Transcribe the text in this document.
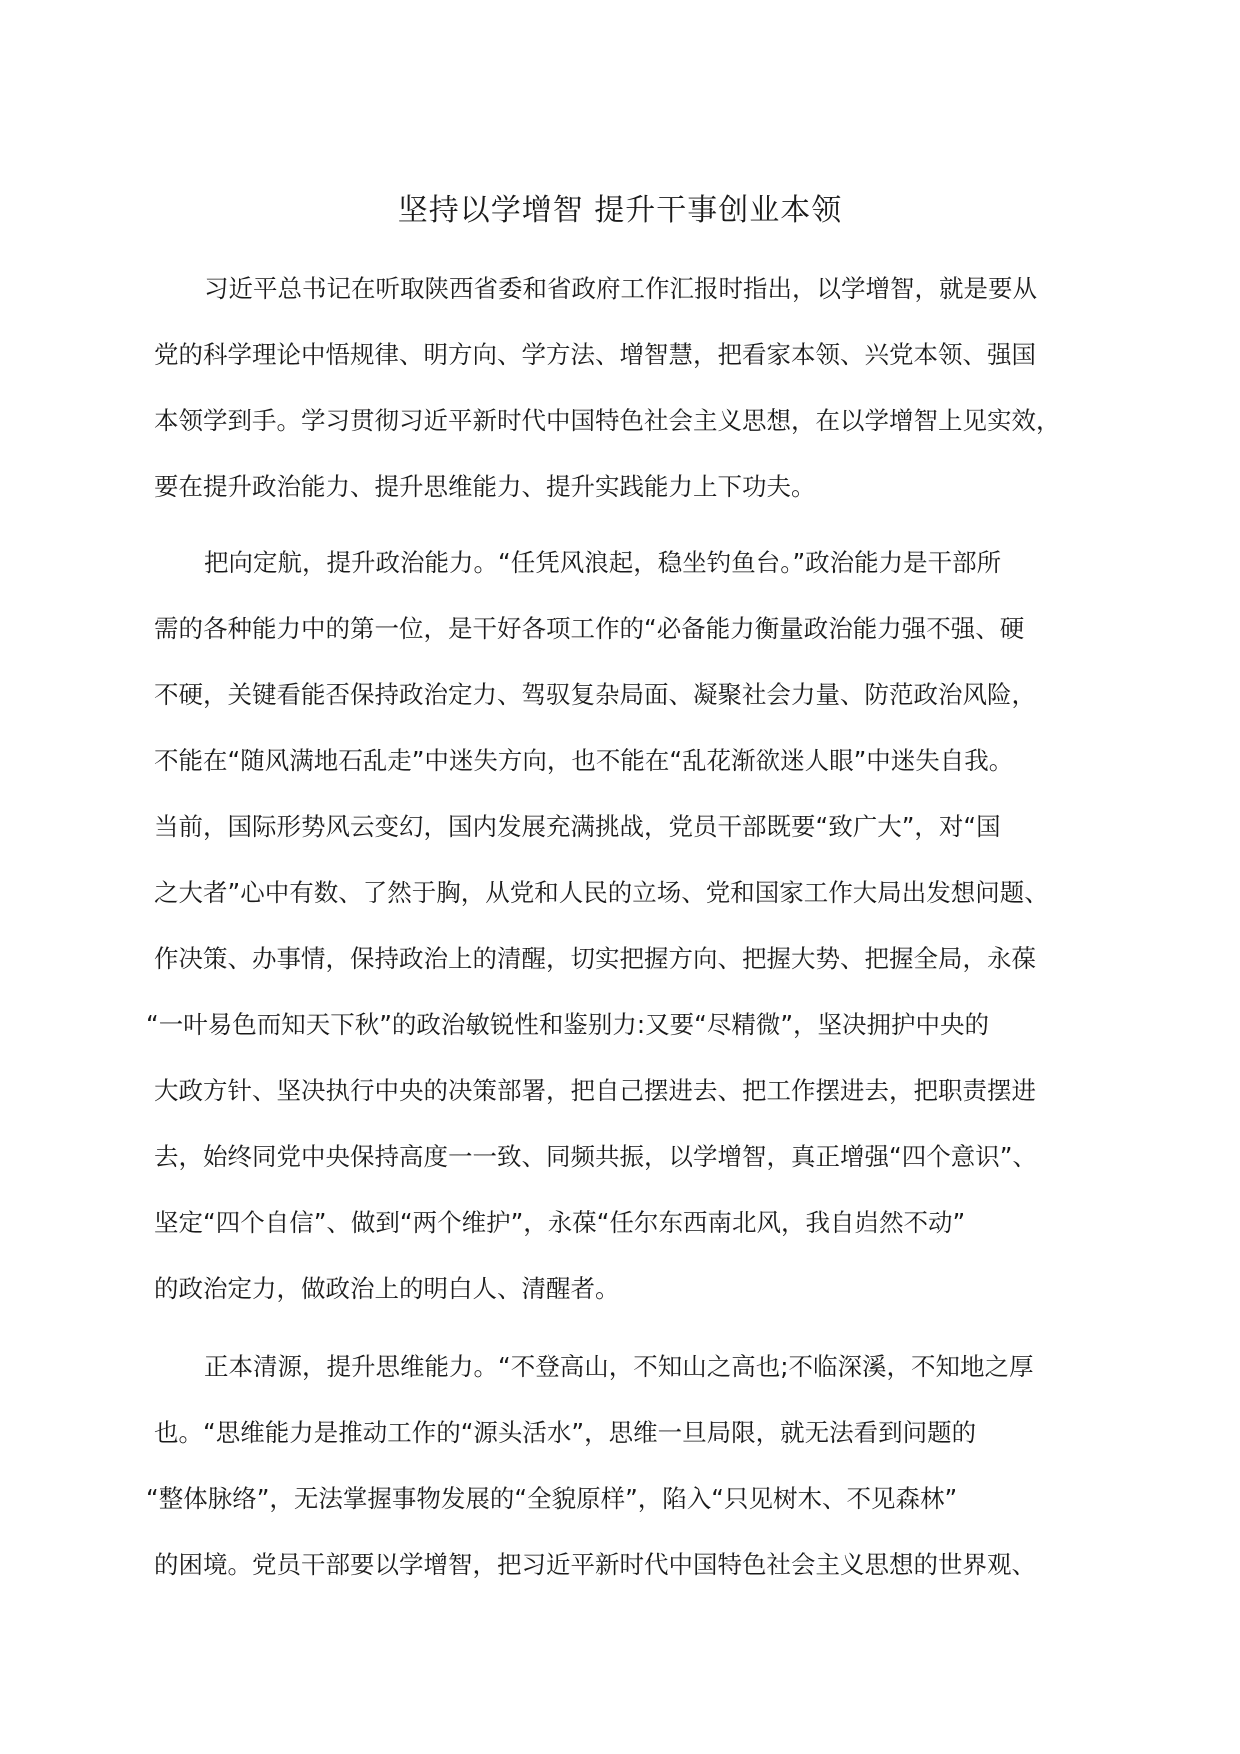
坚持以学增智 提升干事创业本领
习近平总书记在听取陕西省委和省政府工作汇报时指出，以学增智，就是要从
党的科学理论中悟规律、明方向、学方法、增智慧，把看家本领、兴党本领、强国
本领学到手。学习贯彻习近平新时代中国特色社会主义思想，在以学增智上见实效，
要在提升政治能力、提升思维能力、提升实践能力上下功夫。
把向定航，提升政治能力。“任凭风浪起，稳坐钓鱼台。”政治能力是干部所
需的各种能力中的第一位，是干好各项工作的“必备能力衡量政治能力强不强、硬
不硬，关键看能否保持政治定力、驾驭复杂局面、凝聚社会力量、防范政治风险，
不能在“随风满地石乱走”中迷失方向，也不能在“乱花渐欲迷人眼”中迷失自我。
当前，国际形势风云变幻，国内发展充满挑战，党员干部既要“致广大”，对“国
之大者”心中有数、了然于胸，从党和人民的立场、党和国家工作大局出发想问题、
作决策、办事情，保持政治上的清醒，切实把握方向、把握大势、把握全局，永葆
“一叶易色而知天下秋”的政治敏锐性和鉴别力:又要“尽精微”，坚决拥护中央的
大政方针、坚决执行中央的决策部署，把自己摆进去、把工作摆进去，把职责摆进
去，始终同党中央保持高度一一致、同频共振，以学增智，真正增强“四个意识”、
坚定“四个自信”、做到“两个维护”，永葆“任尔东西南北风，我自岿然不动”
的政治定力，做政治上的明白人、清醒者。
正本清源，提升思维能力。“不登高山，不知山之高也;不临深溪，不知地之厚
也。“思维能力是推动工作的“源头活水”，思维一旦局限，就无法看到问题的
“整体脉络”，无法掌握事物发展的“全貌原样”，陷入“只见树木、不见森林”
的困境。党员干部要以学增智，把习近平新时代中国特色社会主义思想的世界观、
